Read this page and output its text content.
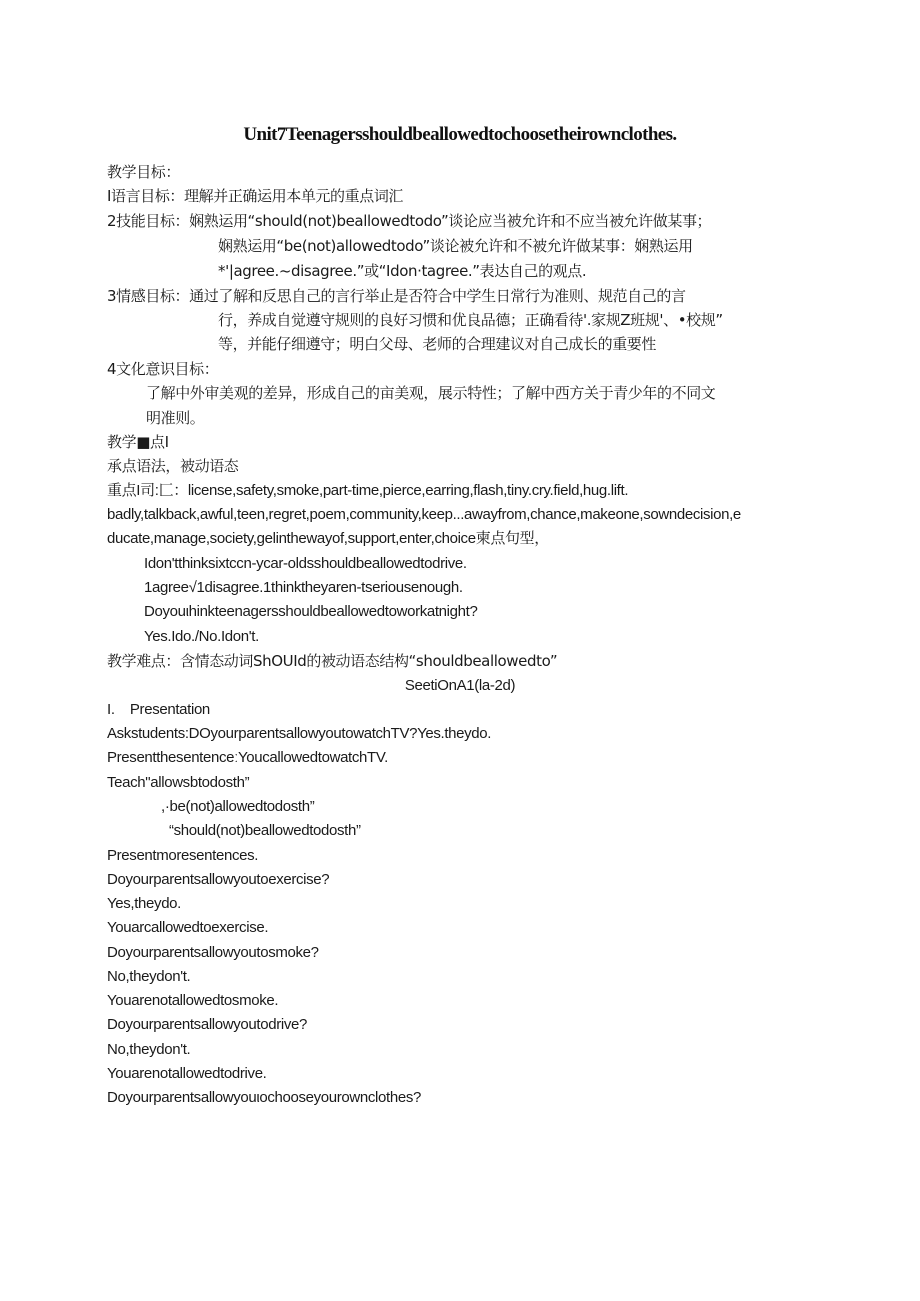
Unit7Teenagersshouldbeallowedtochoosetheirownclothes.
教学目标：
I语言目标：理解并正确运用本单元的重点词汇
2技能目标：娴熟运用“should(not)beallowedtodo”谈论应当被允许和不应当被允许做某事；
娴熟运用“be(not)allowedtodo”谈论被允许和不被允许做某事：娴熟运用
*'|agree.~disagree.”或“Idon·tagree.”表达自己的观点.
3情感目标：通过了解和反思自己的言行举止是否符合中学生日常行为准则、规范自己的言
行，养成自觉遵守规则的良好习惯和优良品德；正确看待'.家规Z班规'、•校规”
等，并能仔细遵守；明白父母、老师的合理建议对自己成长的重要性
4文化意识目标：
了解中外审美观的差异，形成自己的亩美观，展示特性；了解中西方关于青少年的不同文
明准则。
教学■点I
承点语法，被动语态
重点I司:匚：license,safety,smoke,part-time,pierce,earring,flash,tiny.cry.field,hug.lift.
badly,talkback,awful,teen,regret,poem,community,keep...awayfrom,chance,makeone,sowndecision,e
ducate,manage,society,gelinthewayof,support,enter,choice柬点句型，
Idon'tthinksixtccn-ycar-oldsshouldbeallowedtodrive.
1agree√1disagree.1thinktheyaren-tseriousenough.
Doyouιhinkteenagersshouldbeallowedtoworkatnight?
Yes.Ido./No.Idon't.
教学难点：含情态动词ShOUId的被动语态结构“shouldbeallowedto”
SeetiOnA1(la-2d)
I.    Presentation
Askstudents:DOyourparentsallowyoutowatchTV?Yes.theydo.
PresentthesentenceːYoucallowedtowatchTV.
Teach"allowsbtodosth”
,·be(not)allowedtodosth”
“should(not)beallowedtodosth”
Presentmoresentences.
Doyourparentsallowyoutoexercise?
Yes,theydo.
Youarcallowedtoexercise.
Doyourparentsallowyoutosmoke?
No,theydon't.
Youarenotallowedtosmoke.
Doyourparentsallowyoutodrive?
No,theydon't.
Youarenotallowedtodrive.
Doyourparentsallowyouιochooseyourownclothes?
